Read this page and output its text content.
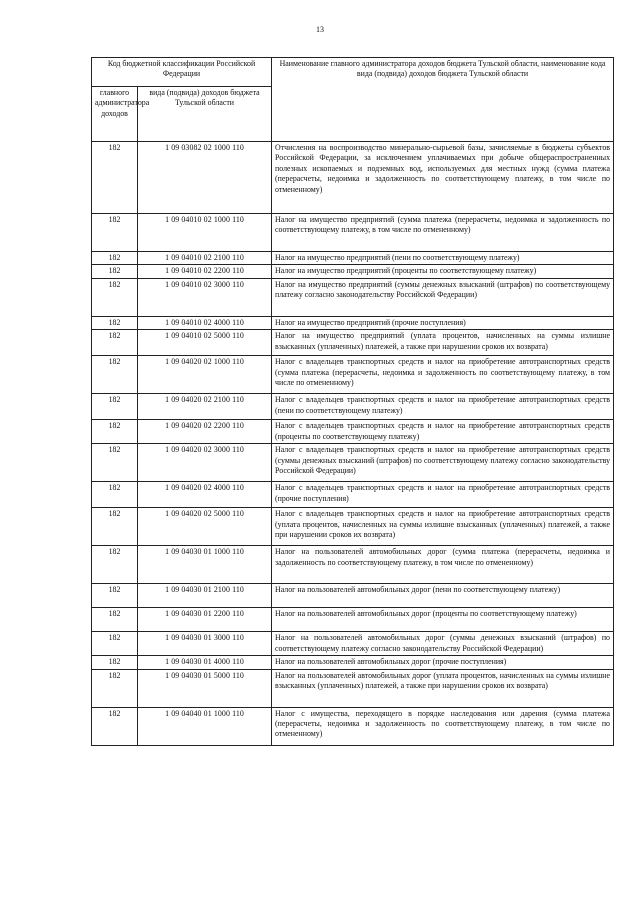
13
Код бюджетной классификации Российской Федерации		Наименование главного администратора доходов бюджета Тульской области, наименование кода вида (подвида) доходов бюджета Тульской области
главного администратора доходов	вида (подвида) доходов бюджета Тульской области	
182	1 09 03082 02 1000 110	Отчисления на воспроизводство минерально-сырьевой базы, зачисляемые в бюджеты субъектов Российской Федерации, за исключением уплачиваемых при добыче общераспространенных полезных ископаемых и подземных вод, используемых для местных нужд (сумма платежа (перерасчеты, недоимка и задолженность по соответствующему платежу, в том числе по отмененному)
182	1 09 04010 02 1000 110	Налог на имущество предприятий (сумма платежа (перерасчеты, недоимка и задолженность по соответствующему платежу, в том числе по отмененному)
182	1 09 04010 02 2100 110	Налог на имущество предприятий (пени по соответствующему платежу)
182	1 09 04010 02 2200 110	Налог на имущество предприятий (проценты по соответствующему платежу)
182	1 09 04010 02 3000 110	Налог на имущество предприятий (суммы денежных взысканий (штрафов) по соответствующему платежу согласно законодательству Российской Федерации)
182	1 09 04010 02 4000 110	Налог на имущество предприятий (прочие поступления)
182	1 09 04010 02 5000 110	Налог на имущество предприятий (уплата процентов, начисленных на суммы излишне взысканных (уплаченных) платежей, а также при нарушении сроков их возврата)
182	1 09 04020 02 1000 110	Налог с владельцев транспортных средств и налог на приобретение автотранспортных средств (сумма платежа (перерасчеты, недоимка и задолженность по соответствующему платежу, в том числе по отмененному)
182	1 09 04020 02 2100 110	Налог с владельцев транспортных средств и налог на приобретение автотранспортных средств (пени по соответствующему платежу)
182	1 09 04020 02 2200 110	Налог с владельцев транспортных средств и налог на приобретение автотранспортных средств (проценты по соответствующему платежу)
182	1 09 04020 02 3000 110	Налог с владельцев транспортных средств и налог на приобретение автотранспортных средств (суммы денежных взысканий (штрафов) по соответствующему платежу согласно законодательству Российской Федерации)
182	1 09 04020 02 4000 110	Налог с владельцев транспортных средств и налог на приобретение автотранспортных средств (прочие поступления)
182	1 09 04020 02 5000 110	Налог с владельцев транспортных средств и налог на приобретение автотранспортных средств (уплата процентов, начисленных на суммы излишне взысканных (уплаченных) платежей, а также при нарушении сроков их возврата)
182	1 09 04030 01 1000 110	Налог на пользователей автомобильных дорог (сумма платежа (перерасчеты, недоимка и задолженность по соответствующему платежу, в том числе по отмененному)
182	1 09 04030 01 2100 110	Налог на пользователей автомобильных дорог (пени по соответствующему платежу)
182	1 09 04030 01 2200 110	Налог на пользователей автомобильных дорог (проценты по соответствующему платежу)
182	1 09 04030 01 3000 110	Налог на пользователей автомобильных дорог (суммы денежных взысканий (штрафов) по соответствующему платежу согласно законодательству Российской Федерации)
182	1 09 04030 01 4000 110	Налог на пользователей автомобильных дорог (прочие поступления)
182	1 09 04030 01 5000 110	Налог на пользователей автомобильных дорог (уплата процентов, начисленных на суммы излишне взысканных (уплаченных) платежей, а также при нарушении сроков их возврата)
182	1 09 04040 01 1000 110	Налог с имущества, переходящего в порядке наследования или дарения (сумма платежа (перерасчеты, недоимка и задолженность по соответствующему платежу, в том числе по отмененному)
